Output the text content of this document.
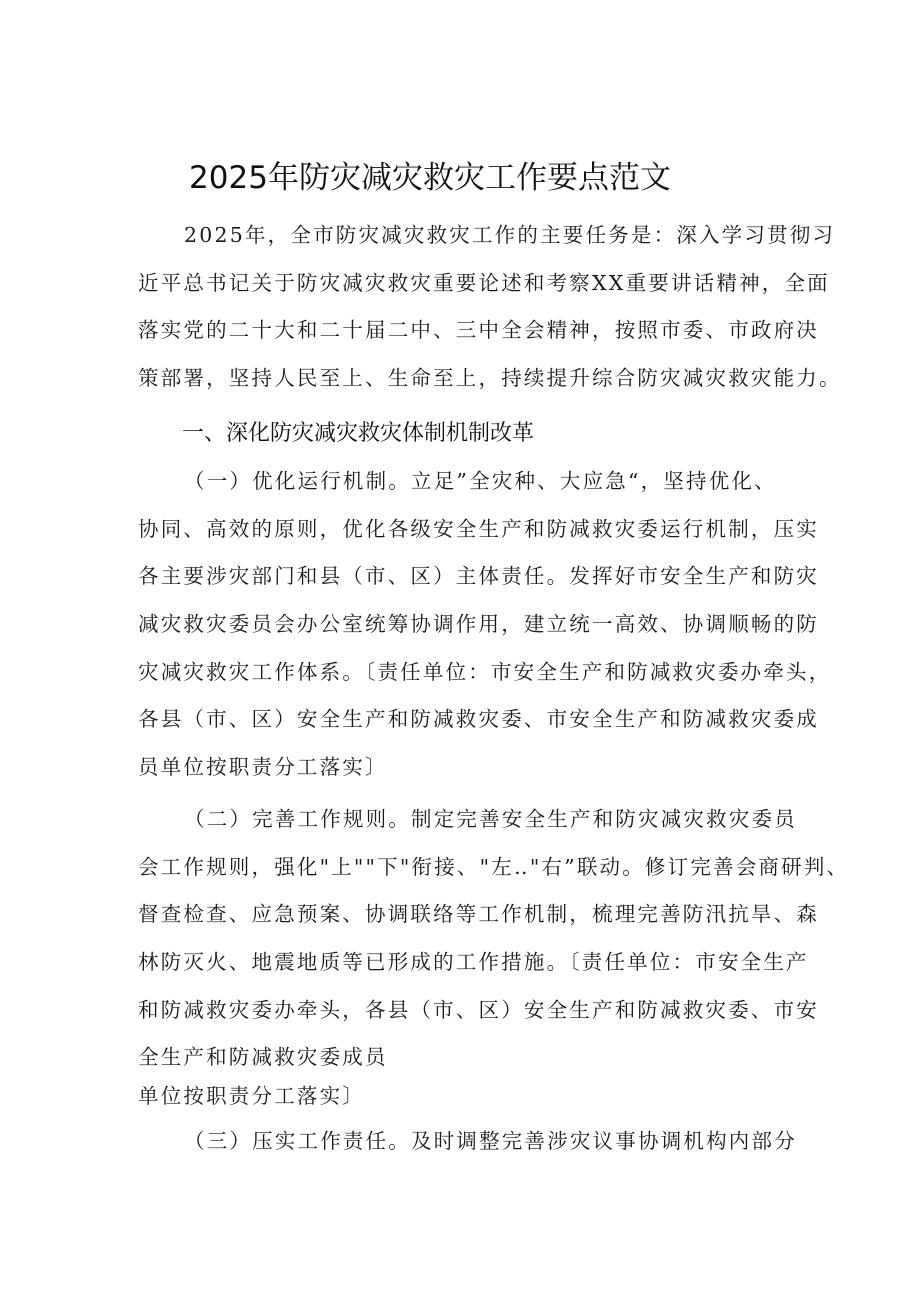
2025年防灾减灾救灾工作要点范文
2025年，全市防灾减灾救灾工作的主要任务是：深入学习贯彻习
近平总书记关于防灾减灾救灾重要论述和考察XX重要讲话精神，全面
落实党的二十大和二十届二中、三中全会精神，按照市委、市政府决
策部署，坚持人民至上、生命至上，持续提升综合防灾减灾救灾能力。
一、深化防灾减灾救灾体制机制改革
（一）优化运行机制。立足”全灾种、大应急“，坚持优化、
协同、高效的原则，优化各级安全生产和防减救灾委运行机制，压实
各主要涉灾部门和县（市、区）主体责任。发挥好市安全生产和防灾
减灾救灾委员会办公室统筹协调作用，建立统一高效、协调顺畅的防
灾减灾救灾工作体系。〔责任单位：市安全生产和防减救灾委办牵头，
各县（市、区）安全生产和防减救灾委、市安全生产和防减救灾委成
员单位按职责分工落实〕
（二）完善工作规则。制定完善安全生产和防灾减灾救灾委员
会工作规则，强化"上""下"衔接、"左‥"右”联动。修订完善会商研判、
督查检查、应急预案、协调联络等工作机制，梳理完善防汛抗旱、森
林防灭火、地震地质等已形成的工作措施。〔责任单位：市安全生产
和防减救灾委办牵头，各县（市、区）安全生产和防减救灾委、市安
全生产和防减救灾委成员
单位按职责分工落实〕
（三）压实工作责任。及时调整完善涉灾议事协调机构内部分
